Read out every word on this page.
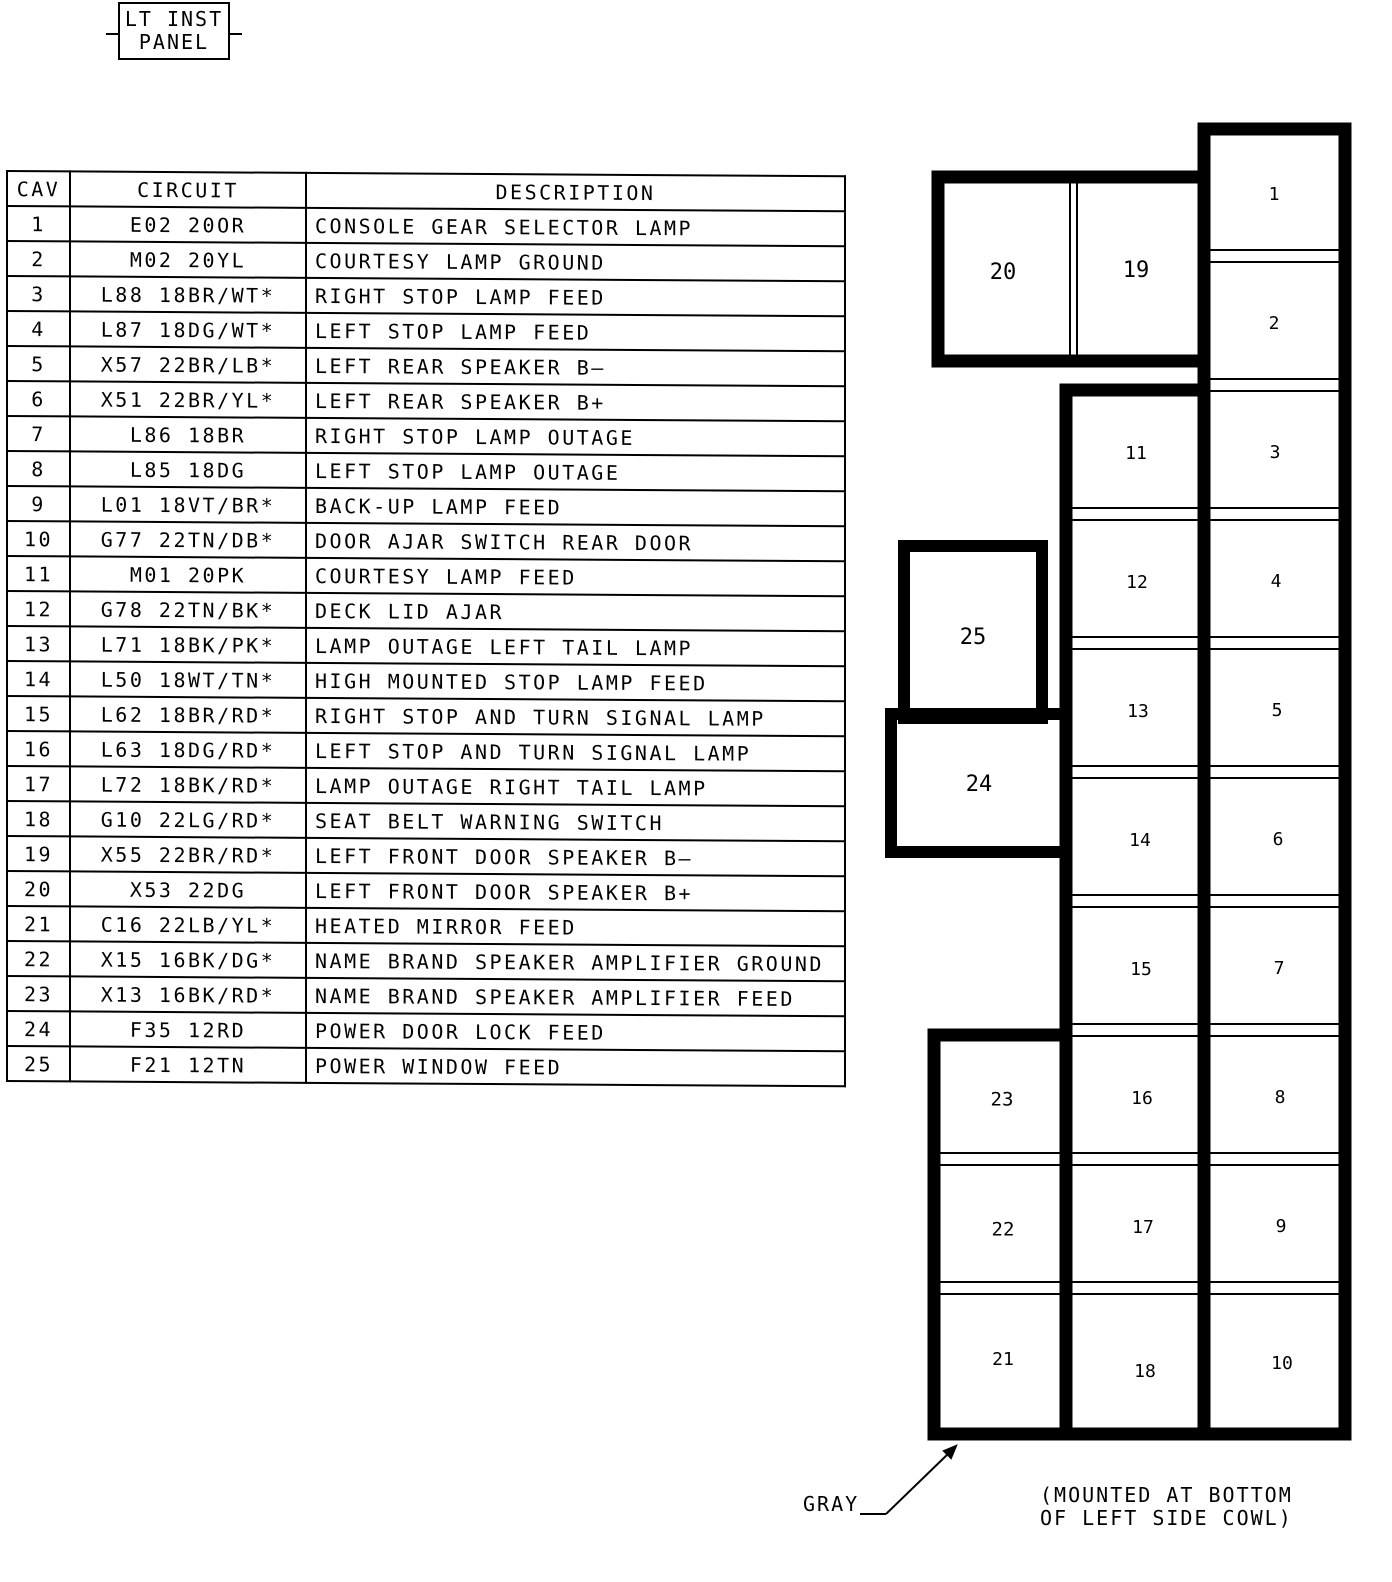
LT INST
PANEL
CAV	CIRCUIT	DESCRIPTION
1	E02 20OR	CONSOLE GEAR SELECTOR LAMP
2	M02 20YL	COURTESY LAMP GROUND
3	L88 18BR/WT*	RIGHT STOP LAMP FEED
4	L87 18DG/WT*	LEFT STOP LAMP FEED
5	X57 22BR/LB*	LEFT REAR SPEAKER B—
6	X51 22BR/YL*	LEFT REAR SPEAKER B+
7	L86 18BR	RIGHT STOP LAMP OUTAGE
8	L85 18DG	LEFT STOP LAMP OUTAGE
9	L01 18VT/BR*	BACK-UP LAMP FEED
10	G77 22TN/DB*	DOOR AJAR SWITCH REAR DOOR
11	M01 20PK	COURTESY LAMP FEED
12	G78 22TN/BK*	DECK LID AJAR
13	L71 18BK/PK*	LAMP OUTAGE LEFT TAIL LAMP
14	L50 18WT/TN*	HIGH MOUNTED STOP LAMP FEED
15	L62 18BR/RD*	RIGHT STOP AND TURN SIGNAL LAMP
16	L63 18DG/RD*	LEFT STOP AND TURN SIGNAL LAMP
17	L72 18BK/RD*	LAMP OUTAGE RIGHT TAIL LAMP
18	G10 22LG/RD*	SEAT BELT WARNING SWITCH
19	X55 22BR/RD*	LEFT FRONT DOOR SPEAKER B—
20	X53 22DG	LEFT FRONT DOOR SPEAKER B+
21	C16 22LB/YL*	HEATED MIRROR FEED
22	X15 16BK/DG*	NAME BRAND SPEAKER AMPLIFIER GROUND
23	X13 16BK/RD*	NAME BRAND SPEAKER AMPLIFIER FEED
24	F35 12RD	POWER DOOR LOCK FEED
25	F21 12TN	POWER WINDOW FEED
1
2
3
4
5
6
7
8
9
10
11
12
13
14
15
16
17
18
19
20
21
22
23
24
25
GRAY	(MOUNTED AT BOTTOM
OF LEFT SIDE COWL)
